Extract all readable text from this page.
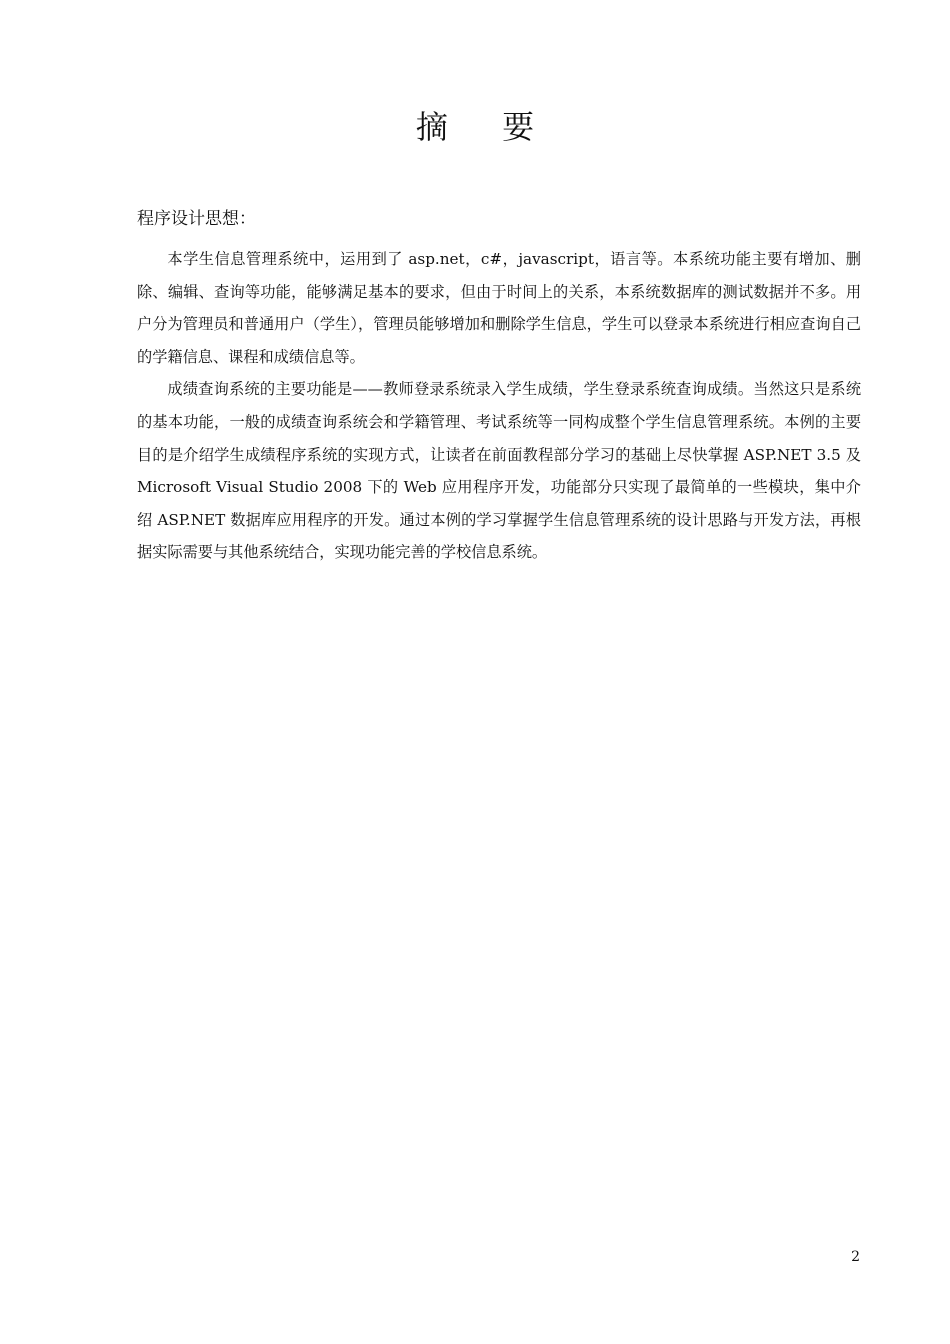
摘 要
程序设计思想：

本学生信息管理系统中，运用到了 asp.net，c#，javascript，语言等。本系统功能主要有增加、删除、编辑、查询等功能，能够满足基本的要求，但由于时间上的关系，本系统数据库的测试数据并不多。用户分为管理员和普通用户（学生），管理员能够增加和删除学生信息，学生可以登录本系统进行相应查询自己的学籍信息、课程和成绩信息等。

成绩查询系统的主要功能是——教师登录系统录入学生成绩，学生登录系统查询成绩。当然这只是系统的基本功能，一般的成绩查询系统会和学籍管理、考试系统等一同构成整个学生信息管理系统。本例的主要目的是介绍学生成绩程序系统的实现方式，让读者在前面教程部分学习的基础上尽快掌握 ASP.NET 3.5 及 Microsoft Visual Studio 2008 下的 Web 应用程序开发，功能部分只实现了最简单的一些模块，集中介绍 ASP.NET 数据库应用程序的开发。通过本例的学习掌握学生信息管理系统的设计思路与开发方法，再根据实际需要与其他系统结合，实现功能完善的学校信息系统。

2
